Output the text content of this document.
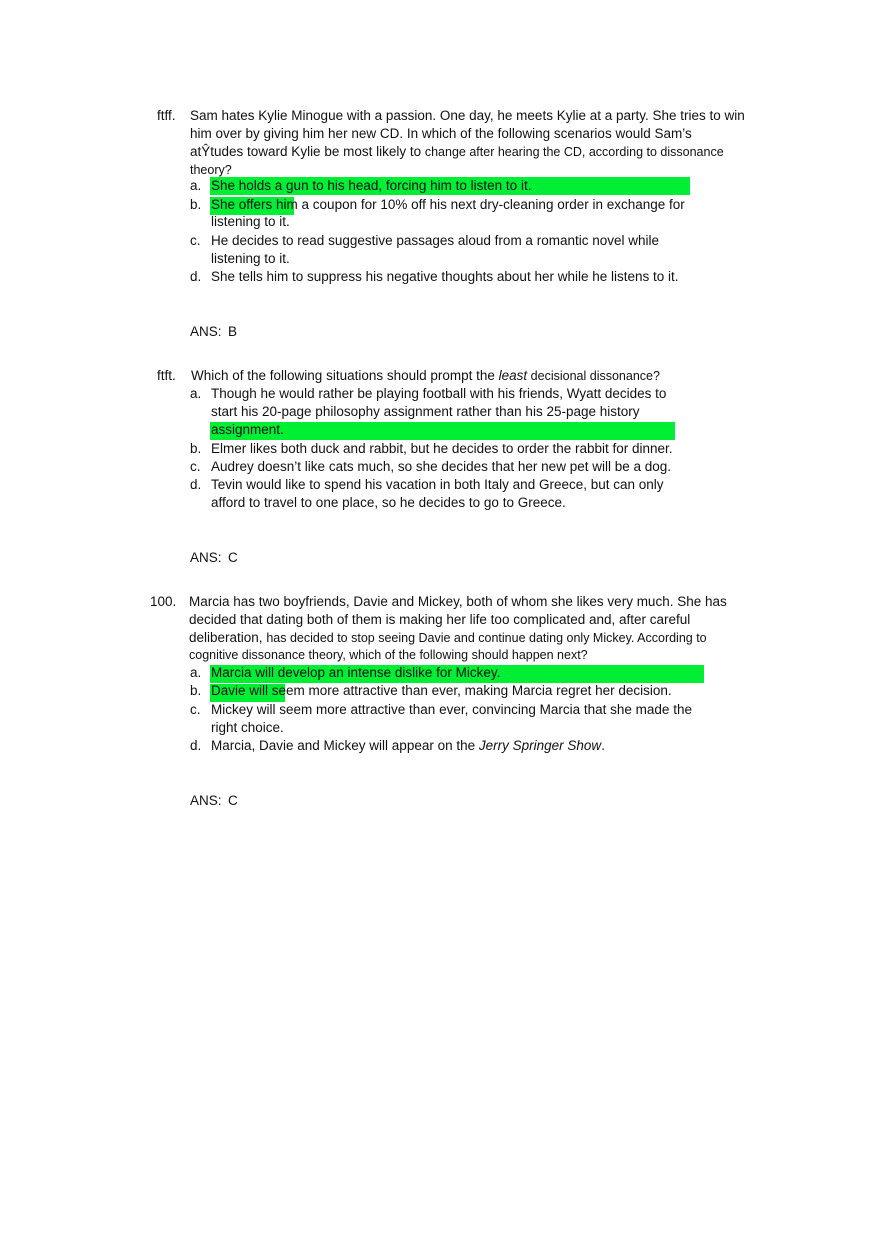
ftff. Sam hates Kylie Minogue with a passion. One day, he meets Kylie at a party. She tries to win
him over by giving him her new CD. In which of the following scenarios would Sam’s
atŶtudes toward Kylie be most likely to change after hearing the CD, according to dissonance
theory?
a. She holds a gun to his head, forcing him to listen to it.
b. She offers him a coupon for 10% off his next dry-cleaning order in exchange for
listening to it.
c. He decides to read suggestive passages aloud from a romantic novel while
listening to it.
d. She tells him to suppress his negative thoughts about her while he listens to it.
ANS: B
ftft. Which of the following situations should prompt the least decisional dissonance?
a. Though he would rather be playing football with his friends, Wyatt decides to
start his 20-page philosophy assignment rather than his 25-page history
assignment.
b. Elmer likes both duck and rabbit, but he decides to order the rabbit for dinner.
c. Audrey doesn’t like cats much, so she decides that her new pet will be a dog.
d. Tevin would like to spend his vacation in both Italy and Greece, but can only
afford to travel to one place, so he decides to go to Greece.
ANS: C
100. Marcia has two boyfriends, Davie and Mickey, both of whom she likes very much. She has
decided that dating both of them is making her life too complicated and, after careful
deliberation, has decided to stop seeing Davie and continue dating only Mickey. According to
cognitive dissonance theory, which of the following should happen next?
a. Marcia will develop an intense dislike for Mickey.
b. Davie will seem more attractive than ever, making Marcia regret her decision.
c. Mickey will seem more attractive than ever, convincing Marcia that she made the
right choice.
d. Marcia, Davie and Mickey will appear on the Jerry Springer Show.
ANS: C
